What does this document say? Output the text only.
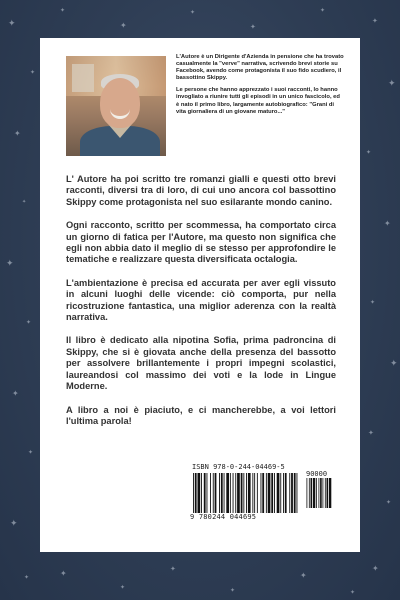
✦
✦
✦
✦
✦
✦
✦
✦
✦
✦
✦
✦
✦
✦
✦
✦
✦
✦
✦
✦
✦
✦
✦
✦
✦
✦
✦
✦
✦
✦

L'Autore è un Dirigente d'Azienda in pensione che ha trovato casualmente la "verve" narrativa, scrivendo brevi storie su Facebook, avendo come protagonista il suo fido scudiero, il bassottino Skippy.

Le persone che hanno apprezzato i suoi racconti, lo hanno invogliato a riunire tutti gli episodi in un unico fascicolo, ed è nato il primo libro, largamente autobiografico: "Grani di vita giornaliera di un giovane maturo..."

L' Autore ha poi scritto tre romanzi gialli e questi otto brevi racconti, diversi tra di loro, di cui uno ancora col bassottino Skippy come protagonista nel suo esilarante mondo canino.

Ogni racconto, scritto per scommessa, ha comportato circa un giorno di fatica per l'Autore, ma questo non significa che egli non abbia dato il meglio di se stesso per approfondire le tematiche e realizzare questa diversificata octalogia.

L'ambientazione è precisa ed accurata per aver egli vissuto in alcuni luoghi delle vicende: ciò comporta, pur nella ricostruzione fantastica, una miglior aderenza con la realtà narrativa.

Il libro è dedicato alla nipotina Sofia, prima padroncina di Skippy, che si è giovata anche della presenza del bassotto per assolvere brillantemente i propri impegni scolastici, laureandosi col massimo dei voti e la lode in Lingue Moderne.

A libro a noi è piaciuto, e ci mancherebbe, a voi lettori l'ultima parola!

ISBN 978-0-244-04469-5
90000
9 780244 044695
